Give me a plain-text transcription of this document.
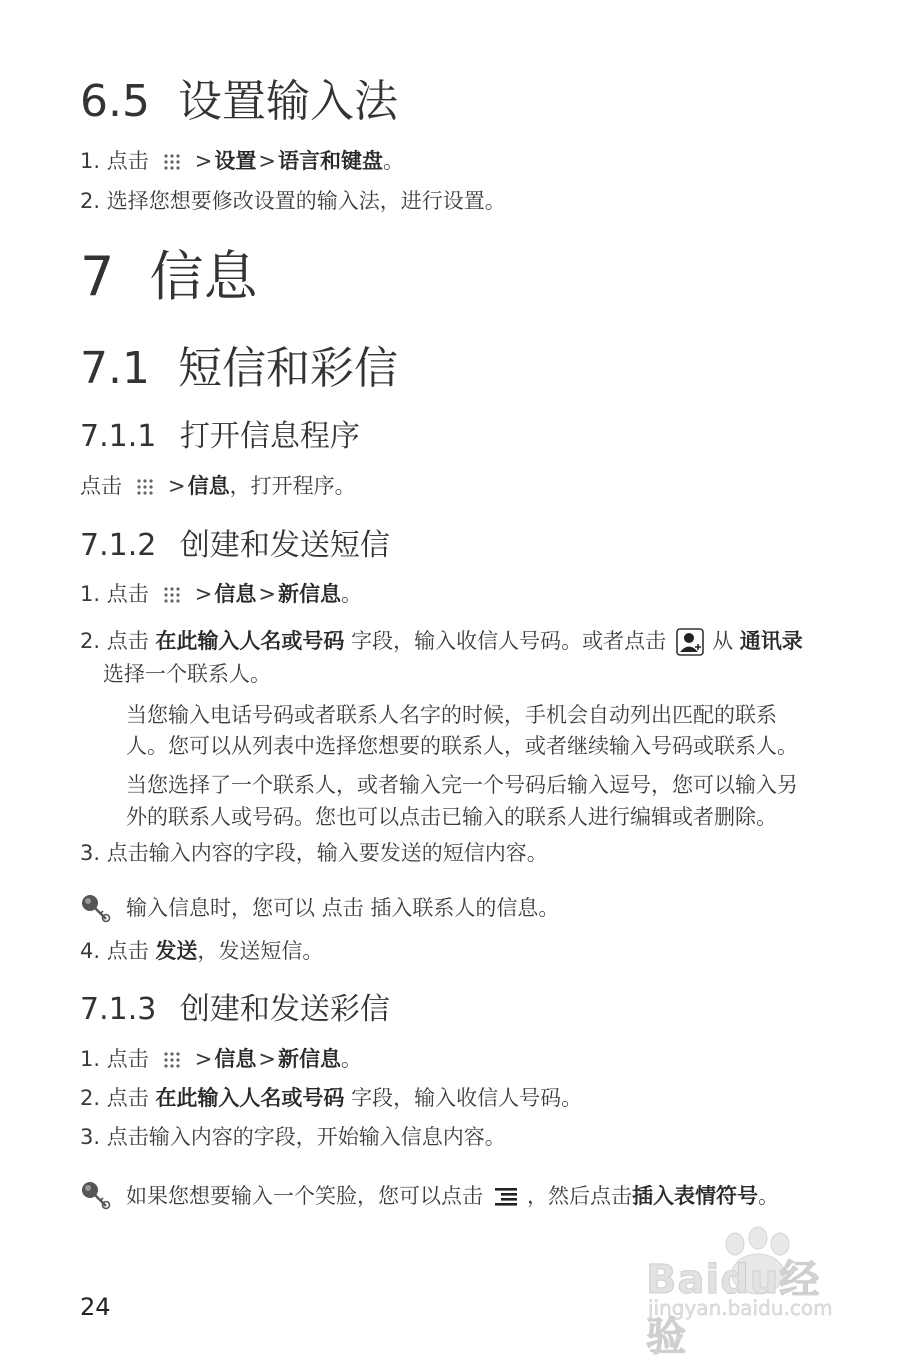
6.5 设置输入法
1. 点击 >设置>语言和键盘。
2. 选择您想要修改设置的输入法，进行设置。
7 信息
7.1 短信和彩信
7.1.1 打开信息程序
点击 >信息，打开程序。
7.1.2 创建和发送短信
1. 点击 >信息>新信息。
2. 点击 在此输入人名或号码 字段，输入收信人号码。或者点击 从 通讯录
选择一个联系人。
当您输入电话号码或者联系人名字的时候，手机会自动列出匹配的联系
人。您可以从列表中选择您想要的联系人，或者继续输入号码或联系人。
当您选择了一个联系人，或者输入完一个号码后输入逗号，您可以输入另
外的联系人或号码。您也可以点击已输入的联系人进行编辑或者删除。
3. 点击输入内容的字段，输入要发送的短信内容。
输入信息时，您可以 点击 插入联系人的信息。
4. 点击 发送，发送短信。
7.1.3 创建和发送彩信
1. 点击 >信息>新信息。
2. 点击 在此输入人名或号码 字段，输入收信人号码。
3. 点击输入内容的字段，开始输入信息内容。
如果您想要输入一个笑脸，您可以点击 ，然后点击插入表情符号。
24
Baidu经验
jingyan.baidu.com
